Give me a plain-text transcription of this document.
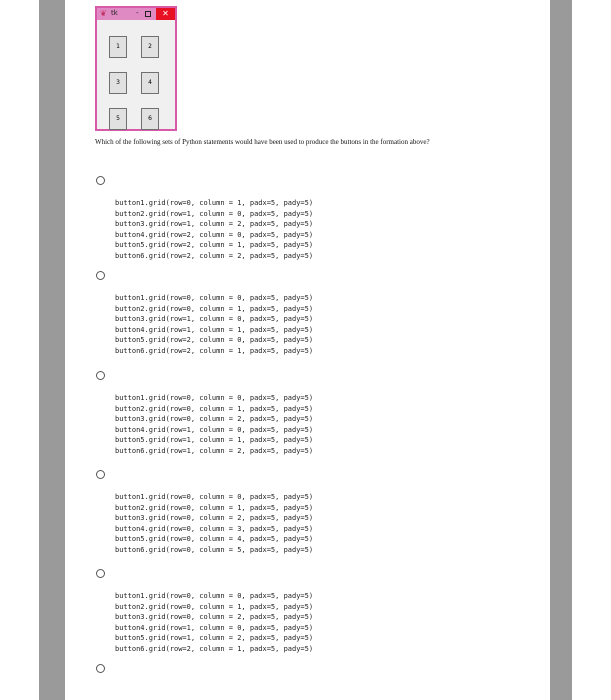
❦ tk	-	✕
1	2
3	4
5	6
Which of the following sets of Python statements would have been used to produce the buttons in the formation above?
button1.grid(row=0, column = 1, padx=5, pady=5)
button2.grid(row=1, column = 0, padx=5, pady=5)
button3.grid(row=1, column = 2, padx=5, pady=5)
button4.grid(row=2, column = 0, padx=5, pady=5)
button5.grid(row=2, column = 1, padx=5, pady=5)
button6.grid(row=2, column = 2, padx=5, pady=5)
button1.grid(row=0, column = 0, padx=5, pady=5)
button2.grid(row=0, column = 1, padx=5, pady=5)
button3.grid(row=1, column = 0, padx=5, pady=5)
button4.grid(row=1, column = 1, padx=5, pady=5)
button5.grid(row=2, column = 0, padx=5, pady=5)
button6.grid(row=2, column = 1, padx=5, pady=5)
button1.grid(row=0, column = 0, padx=5, pady=5)
button2.grid(row=0, column = 1, padx=5, pady=5)
button3.grid(row=0, column = 2, padx=5, pady=5)
button4.grid(row=1, column = 0, padx=5, pady=5)
button5.grid(row=1, column = 1, padx=5, pady=5)
button6.grid(row=1, column = 2, padx=5, pady=5)
button1.grid(row=0, column = 0, padx=5, pady=5)
button2.grid(row=0, column = 1, padx=5, pady=5)
button3.grid(row=0, column = 2, padx=5, pady=5)
button4.grid(row=0, column = 3, padx=5, pady=5)
button5.grid(row=0, column = 4, padx=5, pady=5)
button6.grid(row=0, column = 5, padx=5, pady=5)
button1.grid(row=0, column = 0, padx=5, pady=5)
button2.grid(row=0, column = 1, padx=5, pady=5)
button3.grid(row=0, column = 2, padx=5, pady=5)
button4.grid(row=1, column = 0, padx=5, pady=5)
button5.grid(row=1, column = 2, padx=5, pady=5)
button6.grid(row=2, column = 1, padx=5, pady=5)
